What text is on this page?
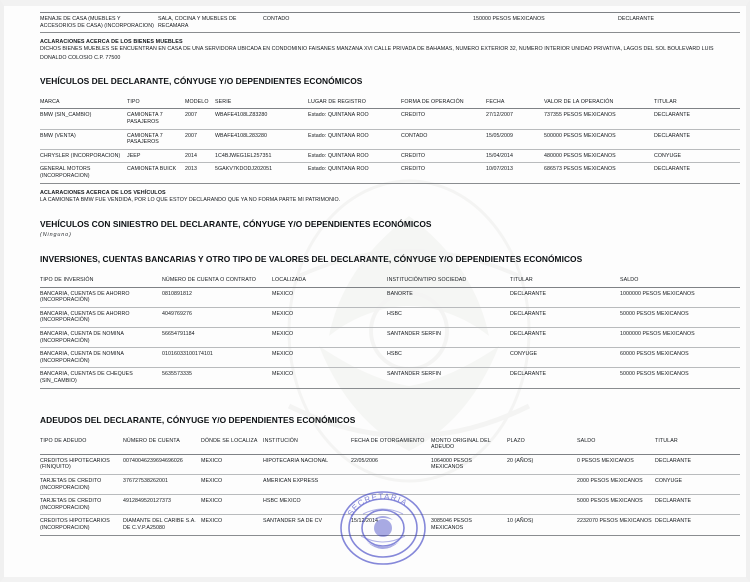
SECRETARIA
MENAJE DE CASA (MUEBLES Y ACCESORIOS DE CASA) (INCORPORACION)	SALA, COCINA Y MUEBLES DE RECAMARA	CONTADO	150000 PESOS MEXICANOS	DECLARANTE
ACLARACIONES ACERCA DE LOS BIENES MUEBLES
DICHOS BIENES MUEBLES SE ENCUENTRAN EN CASA DE UNA SERVIDORA UBICADA EN CONDOMINIO FAISANES MANZANA XVI CALLE PRIVADA DE BAHAMAS, NUMERO EXTERIOR 32, NUMERO INTERIOR UNIDAD PRIVATIVA, LAGOS DEL SOL BOULEVARD LUIS DONALDO COLOSIO C.P. 77500
VEHÍCULOS DEL DECLARANTE, CÓNYUGE Y/O DEPENDIENTES ECONÓMICOS
MARCA	TIPO	MODELO	SERIE	LUGAR DE REGISTRO	FORMA DE OPERACIÓN	FECHA	VALOR DE LA OPERACIÓN	TITULAR
BMW (SIN_CAMBIO)	CAMIONETA 7 PASAJEROS	2007	WBAFE4108LZ83280	Estado: QUINTANA ROO	CREDITO	27/12/2007	737355 PESOS MEXICANOS	DECLARANTE
BMW (VENTA)	CAMIONETA 7 PASAJEROS	2007	WBAFE4108L283280	Estado: QUINTANA ROO	CONTADO	15/05/2009	500000 PESOS MEXICANOS	DECLARANTE
CHRYSLER (INCORPORACION)	JEEP	2014	1C4BJWEG1EL257351	Estado: QUINTANA ROO	CREDITO	15/04/2014	480000 PESOS MEXICANOS	CONYUGE
GENERAL MOTORS (INCORPORACION)	CAMIONETA BUICK	2013	5GAKV7KDODJ202051	Estado: QUINTANA ROO	CREDITO	10/07/2013	686573 PESOS MEXICANOS	DECLARANTE
ACLARACIONES ACERCA DE LOS VEHÍCULOS
LA CAMIONETA BMW FUE VENDIDA, POR LO QUE ESTOY DECLARANDO QUE YA NO FORMA PARTE MI PATRIMONIO.
VEHÍCULOS CON SINIESTRO DEL DECLARANTE, CÓNYUGE Y/O DEPENDIENTES ECONÓMICOS
(Ninguno)
INVERSIONES, CUENTAS BANCARIAS Y OTRO TIPO DE VALORES DEL DECLARANTE, CÓNYUGE Y/O DEPENDIENTES ECONÓMICOS
TIPO DE INVERSIÓN	NÚMERO DE CUENTA O CONTRATO	LOCALIZADA	INSTITUCIÓN/TIPO SOCIEDAD	TITULAR	SALDO
BANCARIA, CUENTAS DE AHORRO (INCORPORACIÓN)	0810891812	MEXICO	BANORTE	DECLARANTE	1000000 PESOS MEXICANOS
BANCARIA, CUENTAS DE AHORRO (INCORPORACIÓN)	4049769276	MEXICO	HSBC	DECLARANTE	50000 PESOS MEXICANOS
BANCARIA, CUENTA DE NOMINA (INCORPORACIÓN)	56654791184	MEXICO	SANTANDER SERFIN	DECLARANTE	1000000 PESOS MEXICANOS
BANCARIA, CUENTA DE NOMINA (INCORPORACIÓN)	01016033100174101	MEXICO	HSBC	CONYUGE	60000 PESOS MEXICANOS
BANCARIA, CUENTAS DE CHEQUES (SIN_CAMBIO)	5635573335	MEXICO	SANTANDER SERFIN	DECLARANTE	50000 PESOS MEXICANOS
ADEUDOS DEL DECLARANTE, CÓNYUGE Y/O DEPENDIENTES ECONÓMICOS
TIPO DE ADEUDO	NÚMERO DE CUENTA	DÓNDE SE LOCALIZA	INSTITUCIÓN	FECHA DE OTORGAMIENTO	MONTO ORIGINAL DEL ADEUDO	PLAZO	SALDO	TITULAR
CREDITOS HIPOTECARIOS (FINIQUITO)	00740046239694696026	MEXICO	HIPOTECARIA NACIONAL	22/05/2006	1064000 PESOS MEXICANOS	20 (AÑOS)	0 PESOS MEXICANOS	DECLARANTE
TARJETAS DE CREDITO (INCORPORACION)	376727538262001	MEXICO	AMERICAN EXPRESS				2000 PESOS MEXICANOS	CONYUGE
TARJETAS DE CREDITO (INCORPORACION)	4912849520127373	MEXICO	HSBC MEXICO				5000 PESOS MEXICANOS	DECLARANTE
CREDITOS HIPOTECARIOS (INCORPORACION)	DIAMANTE DEL CARIBE S.A. DE C.V.P.A25080	MEXICO	SANTANDER SA DE CV	15/12/2014	3085046 PESOS MEXICANOS	10 (AÑOS)	2232070 PESOS MEXICANOS	DECLARANTE
